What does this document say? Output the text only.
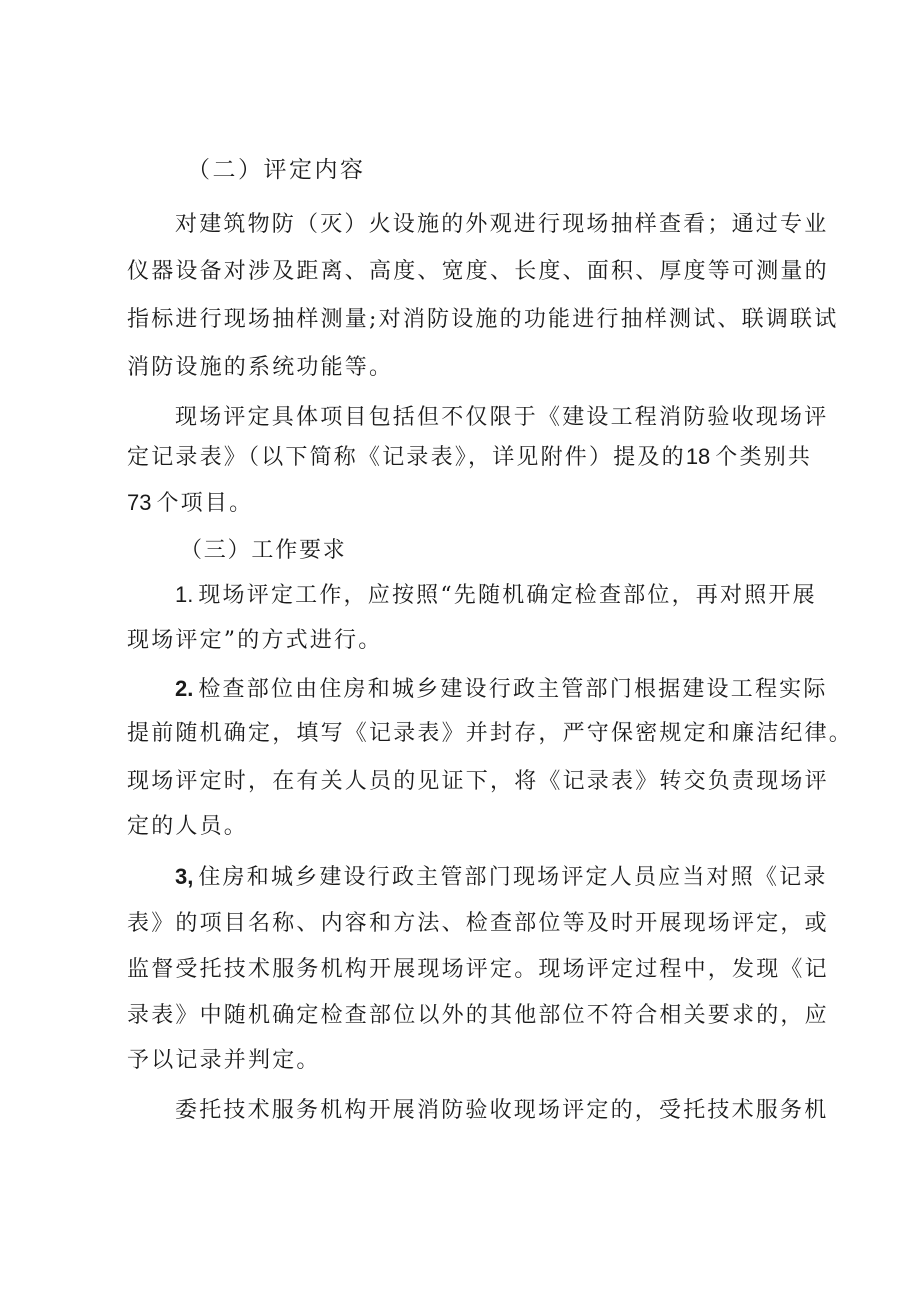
（二）评定内容
对建筑物防（灭）火设施的外观进行现场抽样查看；通过专业
仪器设备对涉及距离、高度、宽度、长度、面积、厚度等可测量的
指标进行现场抽样测量;对消防设施的功能进行抽样测试、联调联试
消防设施的系统功能等。
现场评定具体项目包括但不仅限于《建设工程消防验收现场评
定记录表》（以下简称《记录表》，详见附件）提及的18 个类别共
73 个项目。
（三）工作要求
1. 现场评定工作，应按照“先随机确定检查部位，再对照开展
现场评定”的方式进行。
2. 检查部位由住房和城乡建设行政主管部门根据建设工程实际
提前随机确定，填写《记录表》并封存，严守保密规定和廉洁纪律。
现场评定时，在有关人员的见证下，将《记录表》转交负责现场评
定的人员。
3, 住房和城乡建设行政主管部门现场评定人员应当对照《记录
表》的项目名称、内容和方法、检查部位等及时开展现场评定，或
监督受托技术服务机构开展现场评定。现场评定过程中，发现《记
录表》中随机确定检查部位以外的其他部位不符合相关要求的，应
予以记录并判定。
委托技术服务机构开展消防验收现场评定的，受托技术服务机
